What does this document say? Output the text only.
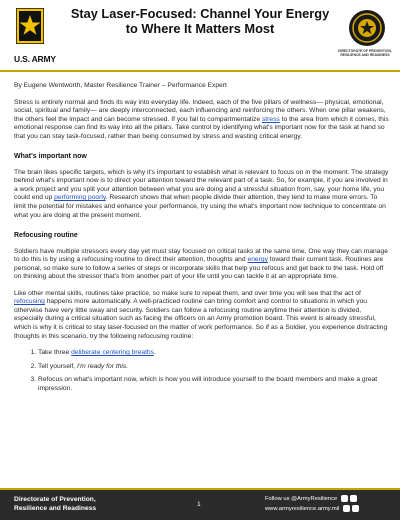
U.S. ARMY
Stay Laser-Focused: Channel Your Energy
to Where It Matters Most
DIRECTORATE OF PREVENTION, RESILIENCE AND READINESS

By Eugene Wentworth, Master Resilience Trainer – Performance Expert

Stress is entirely normal and finds its way into everyday life. Indeed, each of the five pillars of wellness— physical, emotional, social, spiritual and family— are deeply interconnected, each influencing and reinforcing the others. When one pillar weakens, the others feel the impact and can become stressed. If you fail to compartmentalize stress to the area from which it comes, this emotional response can find its way into all the pillars. Take control by identifying what's important now for the task at hand so that you can stay task-focused, rather than being consumed by stress and wasting critical energy.

What's important now

The brain likes specific targets, which is why it's important to establish what is relevant to focus on in the moment. The strategy behind what's important now is to direct your attention toward the relevant part of a task. So, for example, if you are involved in a work project and you split your attention between what you are doing and a stressful situation from, say, your home life, you could end up performing poorly. Research shows that when people divide their attention, they tend to make more errors. To limit the potential for mistakes and enhance your performance, try using the what's important now technique to concentrate on what you are doing at the present moment.

Refocusing routine

Soldiers have multiple stressors every day yet must stay focused on critical tasks at the same time. One way they can manage to do this is by using a refocusing routine to direct their attention, thoughts and energy toward their current task. Routines are personal, so make sure to follow a series of steps or incorporate skills that help you refocus and get back to the task. Hold off on thinking about the stressor that's from another part of your life until you can tackle it at an appropriate time.

Like other mental skills, routines take practice, so make sure to repeat them, and over time you will see that the act of refocusing happens more automatically. A well-practiced routine can bring comfort and control to situations in which you otherwise have very little sway and security. Soldiers can follow a refocusing routine anytime their attention is divided, especially during a critical situation such as facing the officers on an Army promotion board. This event is already stressful, which is why it is critical to stay laser-focused on the matter of work performance. So if as a Soldier, you experience distracting thoughts in this scenario, try the following refocusing routine:

1. Take three deliberate centering breaths.
2. Tell yourself, I'm ready for this.
3. Refocus on what's important now, which is how you will introduce yourself to the board members and make a great impression.
Directorate of Prevention,
Resilience and Readiness
1
Follow us @ArmyResilience
www.armyresilience.army.mil
